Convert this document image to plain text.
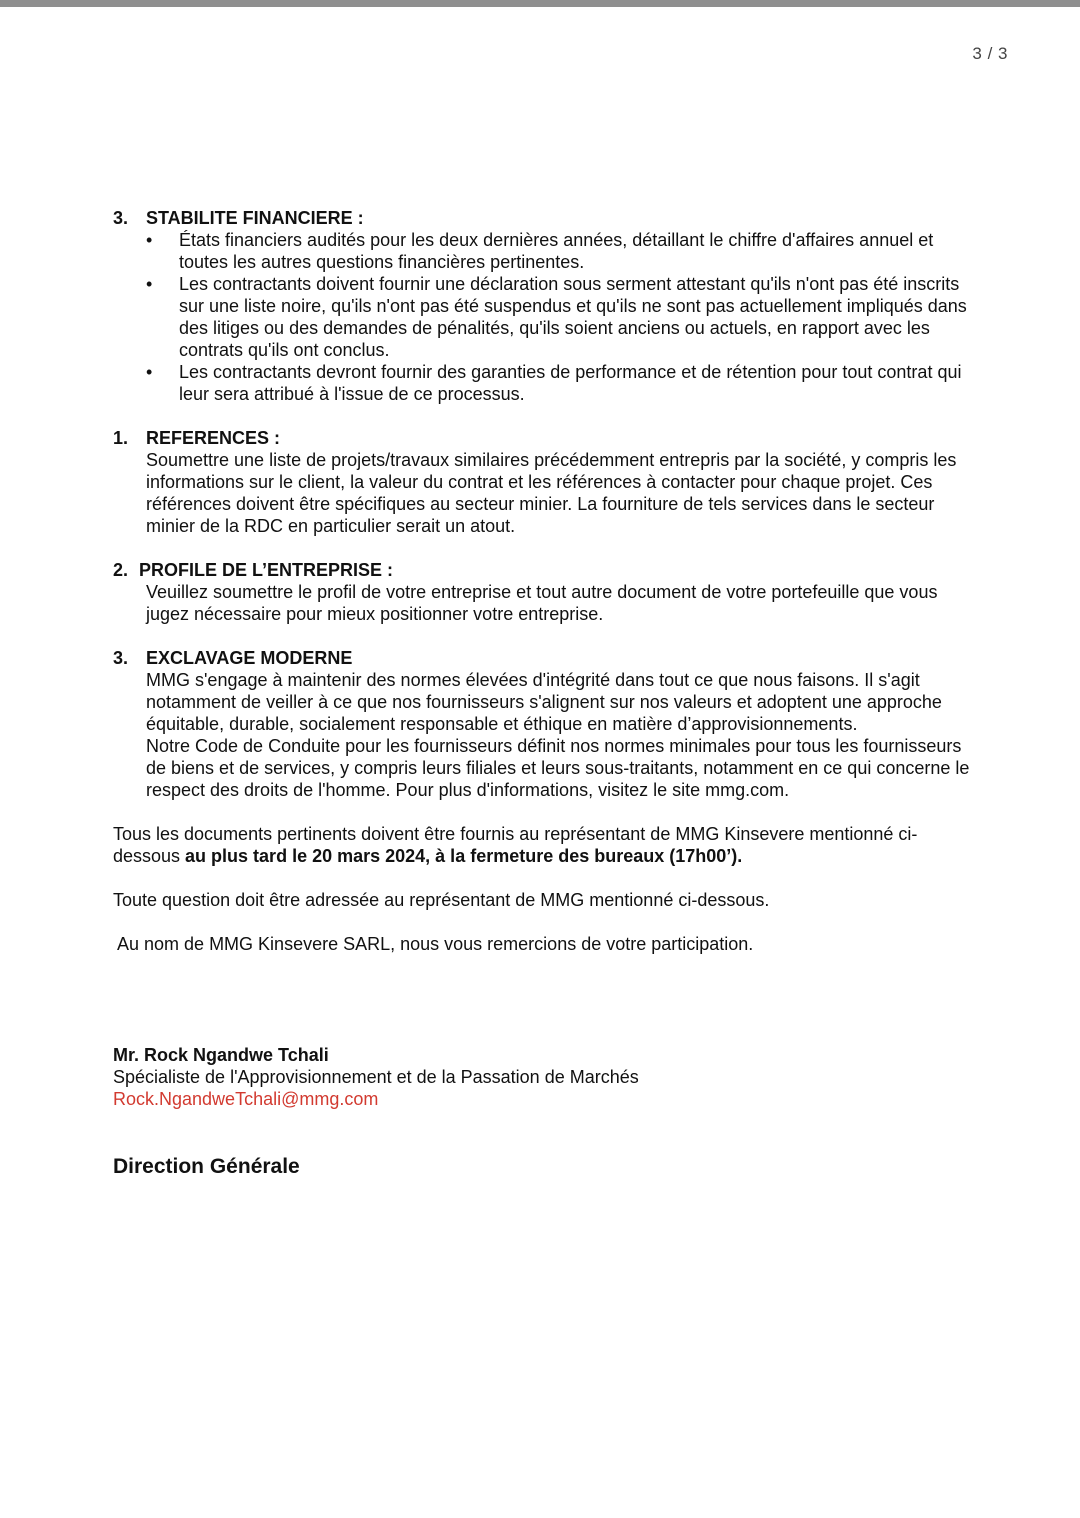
3 / 3
3. STABILITE FINANCIERE :
• États financiers audités pour les deux dernières années, détaillant le chiffre d'affaires annuel et toutes les autres questions financières pertinentes.
• Les contractants doivent fournir une déclaration sous serment attestant qu'ils n'ont pas été inscrits sur une liste noire, qu'ils n'ont pas été suspendus et qu'ils ne sont pas actuellement impliqués dans des litiges ou des demandes de pénalités, qu'ils soient anciens ou actuels, en rapport avec les contrats qu'ils ont conclus.
• Les contractants devront fournir des garanties de performance et de rétention pour tout contrat qui leur sera attribué à l'issue de ce processus.
1. REFERENCES :
Soumettre une liste de projets/travaux similaires précédemment entrepris par la société, y compris les informations sur le client, la valeur du contrat et les références à contacter pour chaque projet. Ces références doivent être spécifiques au secteur minier. La fourniture de tels services dans le secteur minier de la RDC en particulier serait un atout.
2. PROFILE DE L’ENTREPRISE :
Veuillez soumettre le profil de votre entreprise et tout autre document de votre portefeuille que vous jugez nécessaire pour mieux positionner votre entreprise.
3. EXCLAVAGE MODERNE
MMG s'engage à maintenir des normes élevées d'intégrité dans tout ce que nous faisons. Il s'agit notamment de veiller à ce que nos fournisseurs s'alignent sur nos valeurs et adoptent une approche équitable, durable, socialement responsable et éthique en matière d’approvisionnements.
Notre Code de Conduite pour les fournisseurs définit nos normes minimales pour tous les fournisseurs de biens et de services, y compris leurs filiales et leurs sous-traitants, notamment en ce qui concerne le respect des droits de l'homme. Pour plus d'informations, visitez le site mmg.com.
Tous les documents pertinents doivent être fournis au représentant de MMG Kinsevere mentionné ci-dessous au plus tard le 20 mars 2024, à la fermeture des bureaux (17h00’).
Toute question doit être adressée au représentant de MMG mentionné ci-dessous.
Au nom de MMG Kinsevere SARL, nous vous remercions de votre participation.
Mr. Rock Ngandwe Tchali
Spécialiste de l'Approvisionnement et de la Passation de Marchés
Rock.NgandweTchali@mmg.com
Direction Générale
